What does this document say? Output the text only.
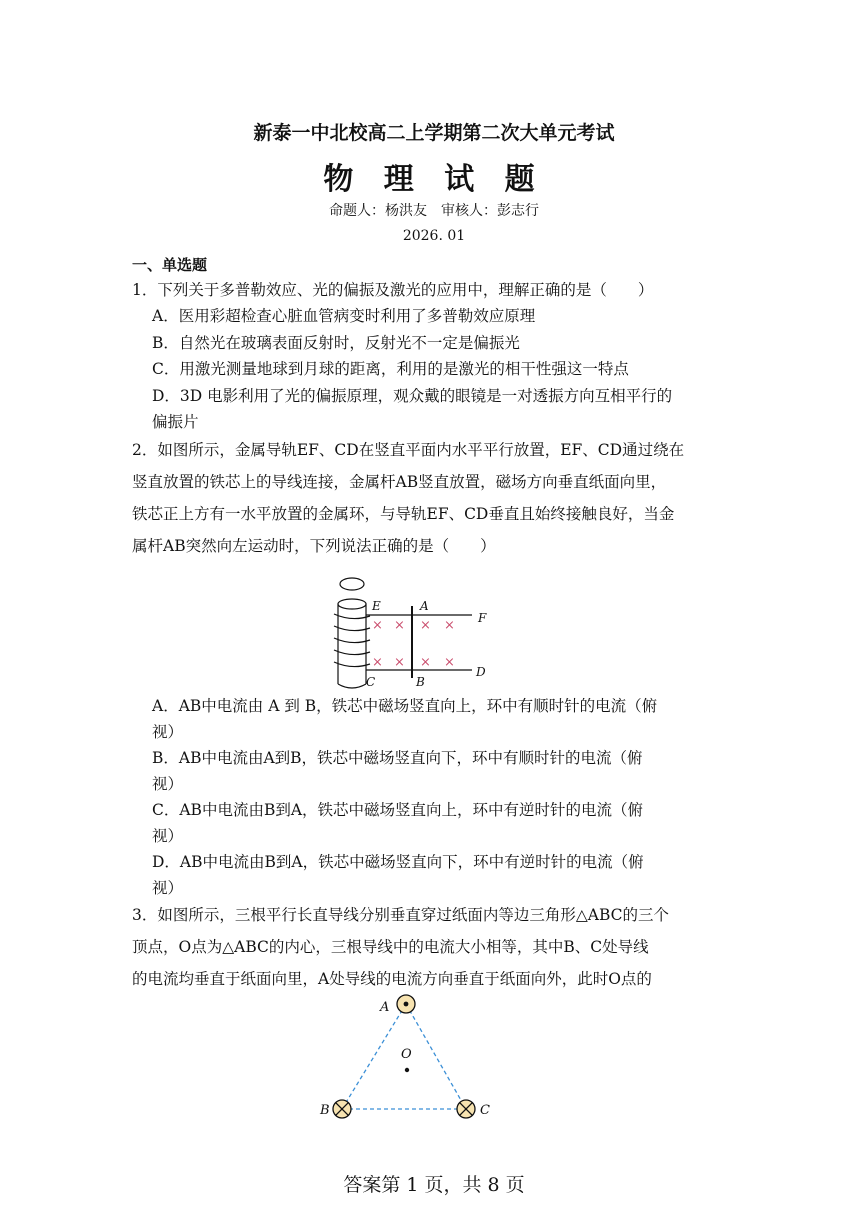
新泰一中北校高二上学期第二次大单元考试
物 理 试 题
命题人：杨洪友　审核人：彭志行
2026. 01
一、单选题
1．下列关于多普勒效应、光的偏振及激光的应用中，理解正确的是（　　）
A．医用彩超检查心脏血管病变时利用了多普勒效应原理
B．自然光在玻璃表面反射时，反射光不一定是偏振光
C．用激光测量地球到月球的距离，利用的是激光的相干性强这一特点
D．3D 电影利用了光的偏振原理，观众戴的眼镜是一对透振方向互相平行的
偏振片
2．如图所示，金属导轨EF、CD在竖直平面内水平平行放置，EF、CD通过绕在
竖直放置的铁芯上的导线连接，金属杆AB竖直放置，磁场方向垂直纸面向里，
铁芯正上方有一水平放置的金属环，与导轨EF、CD垂直且始终接触良好，当金
属杆AB突然向左运动时，下列说法正确的是（　　）
× × × ×
× × × ×
E	A
F
C	B
D
A．AB中电流由 A 到 B，铁芯中磁场竖直向上，环中有顺时针的电流（俯
视）
B．AB中电流由A到B，铁芯中磁场竖直向下，环中有顺时针的电流（俯
视）
C．AB中电流由B到A，铁芯中磁场竖直向上，环中有逆时针的电流（俯
视）
D．AB中电流由B到A，铁芯中磁场竖直向下，环中有逆时针的电流（俯
视）
3．如图所示，三根平行长直导线分别垂直穿过纸面内等边三角形△ABC的三个
顶点，O点为△ABC的内心，三根导线中的电流大小相等，其中B、C处导线
的电流均垂直于纸面向里，A处导线的电流方向垂直于纸面向外，此时O点的
A
O
B	C
答案第 1 页，共 8 页
